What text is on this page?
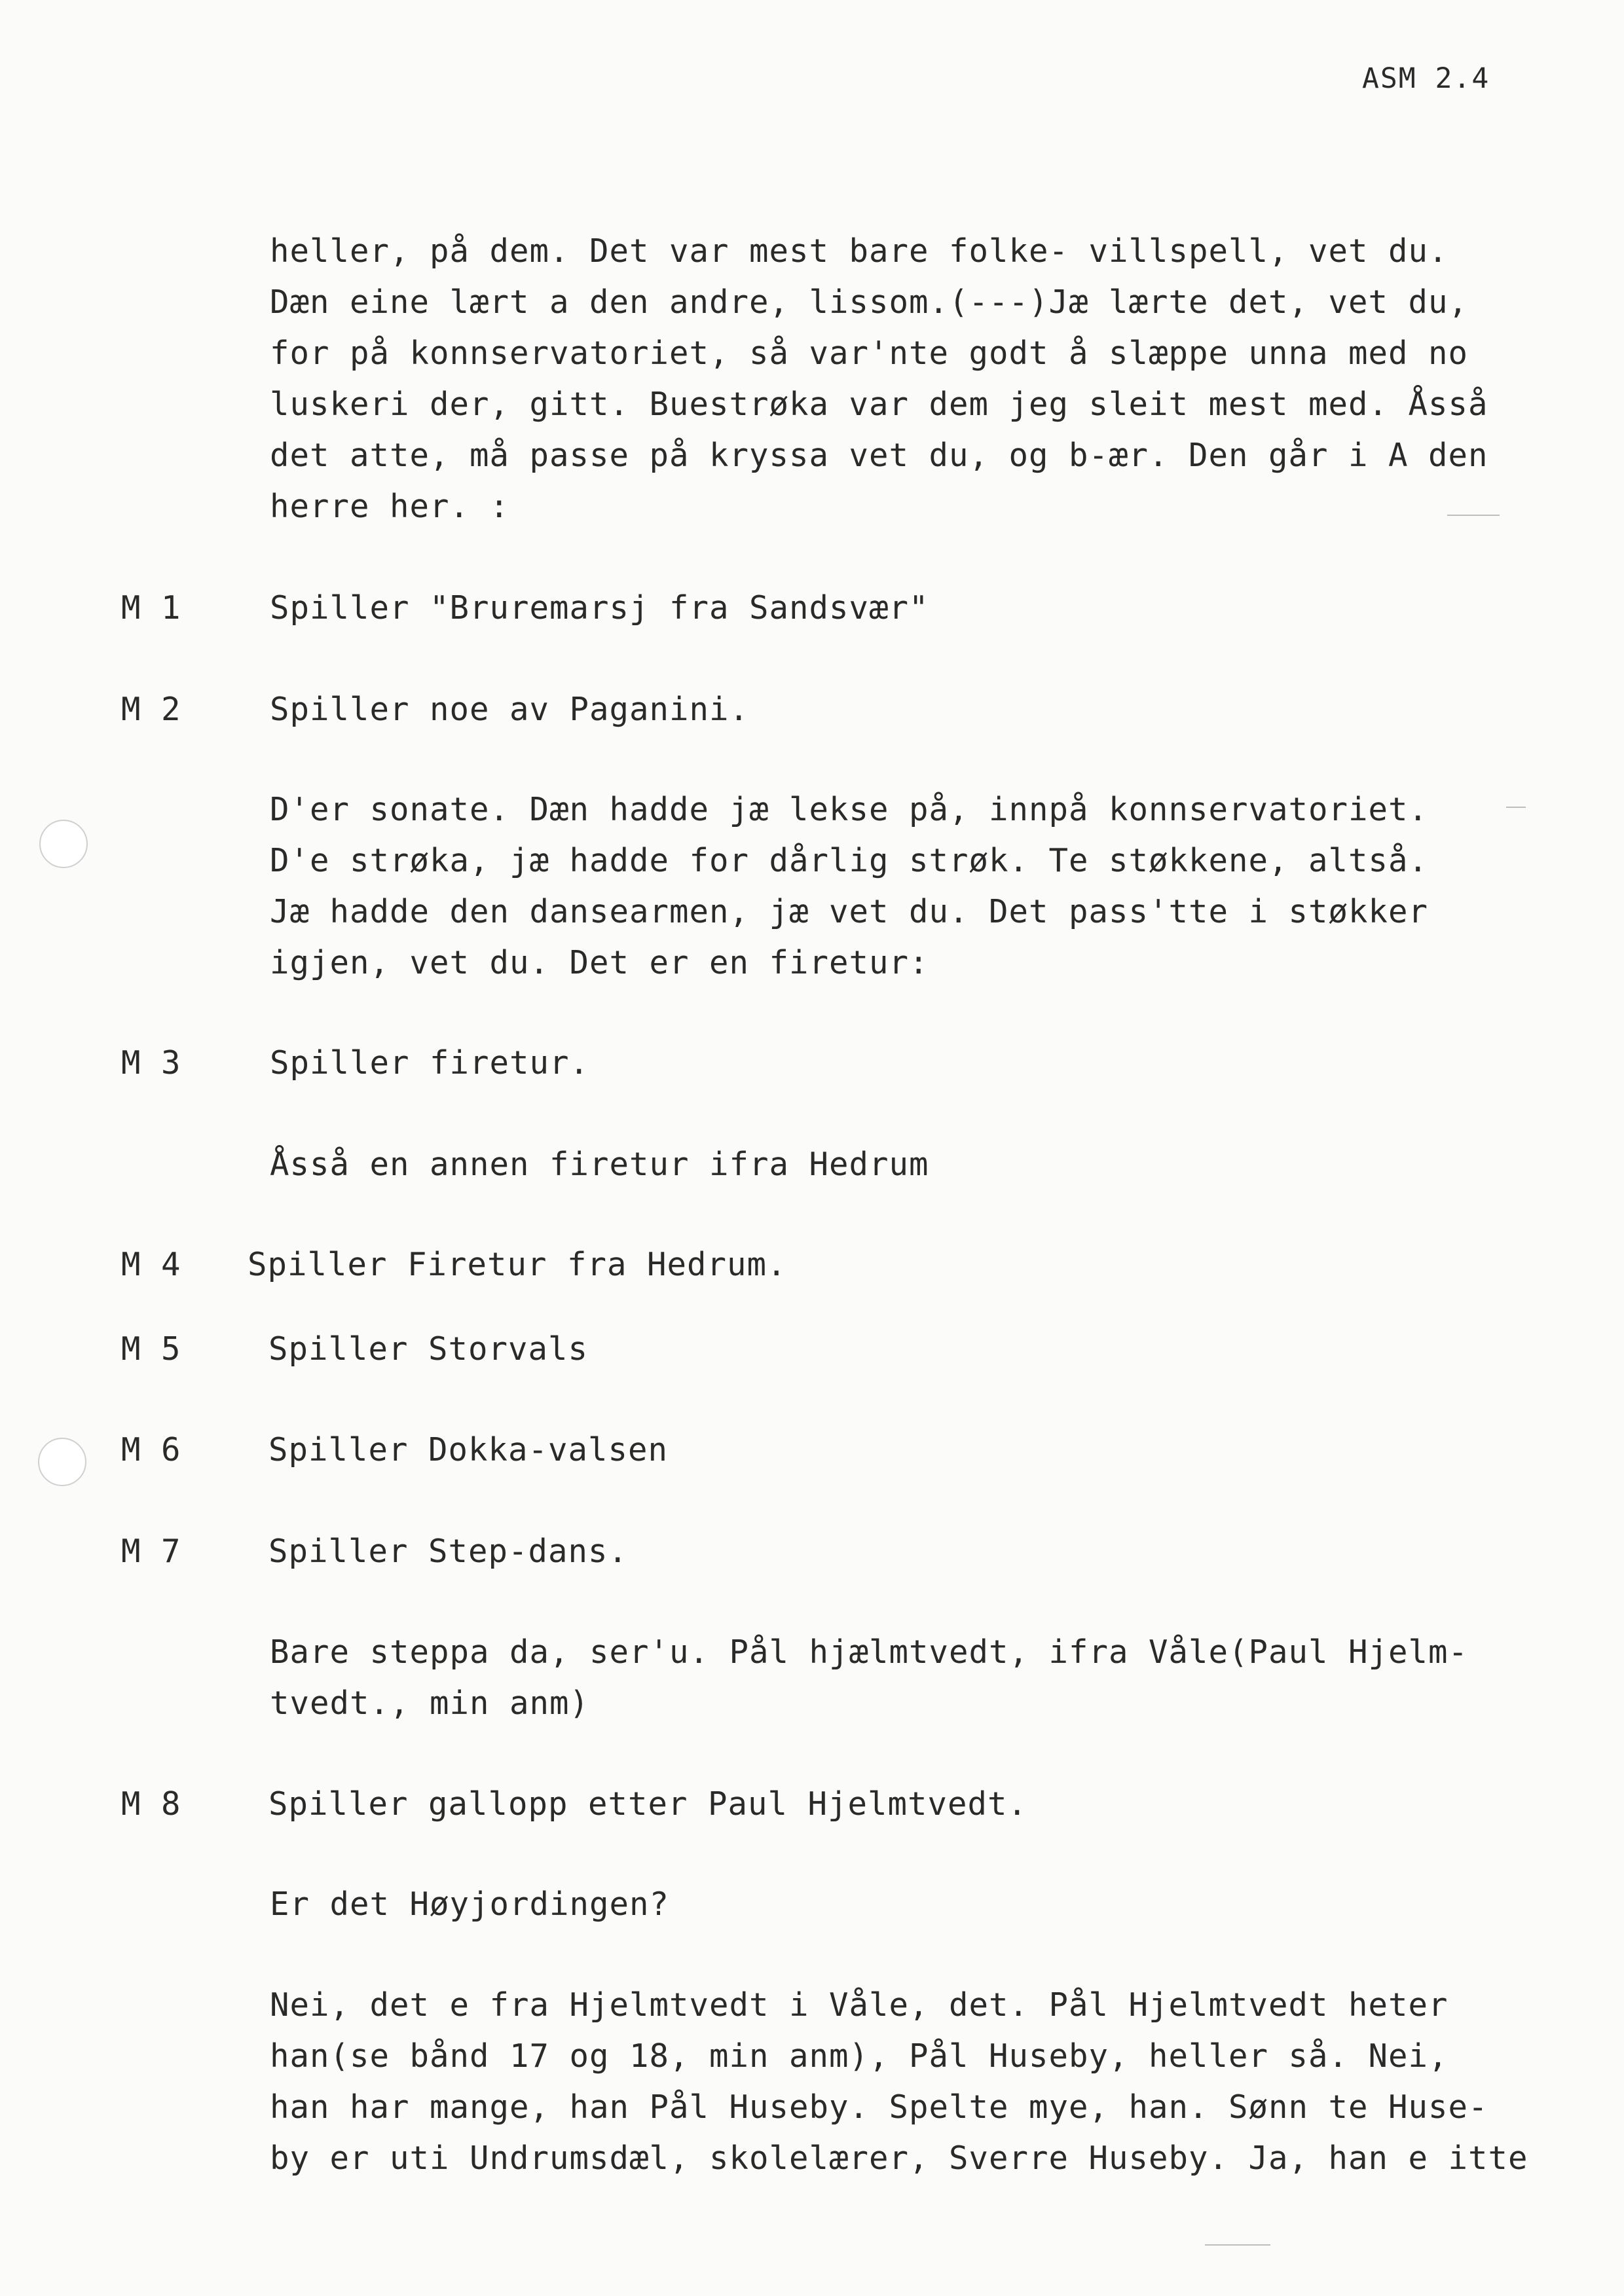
ASM 2.4

heller, på dem. Det var mest bare folke- villspell, vet du.
Dæn eine lært a den andre, lissom.(---)Jæ lærte det, vet du,
for på konnservatoriet, så var'nte godt å slæppe unna med no
luskeri der, gitt. Buestrøka var dem jeg sleit mest med. Åsså
det atte, må passe på kryssa vet du, og b-ær. Den går i A den
herre her. :

M 1	Spiller "Bruremarsj fra Sandsvær"

M 2	Spiller noe av Paganini.

D'er sonate. Dæn hadde jæ lekse på, innpå konnservatoriet.
D'e strøka, jæ hadde for dårlig strøk. Te støkkene, altså.
Jæ hadde den dansearmen, jæ vet du. Det pass'tte i støkker
igjen, vet du. Det er en firetur:

M 3	Spiller firetur.

Åsså en annen firetur ifra Hedrum

M 4 Spiller Firetur fra Hedrum.

M 5	Spiller Storvals

M 6	Spiller Dokka-valsen

M 7	Spiller Step-dans.

Bare steppa da, ser'u. Pål hjælmtvedt, ifra Våle(Paul Hjelm-
tvedt., min anm)

M 8	Spiller gallopp etter Paul Hjelmtvedt.

Er det Høyjordingen?

Nei, det e fra Hjelmtvedt i Våle, det. Pål Hjelmtvedt heter
han(se bånd 17 og 18, min anm), Pål Huseby, heller så. Nei,
han har mange, han Pål Huseby. Spelte mye, han. Sønn te Huse-
by er uti Undrumsdæl, skolelærer, Sverre Huseby. Ja, han e itte
